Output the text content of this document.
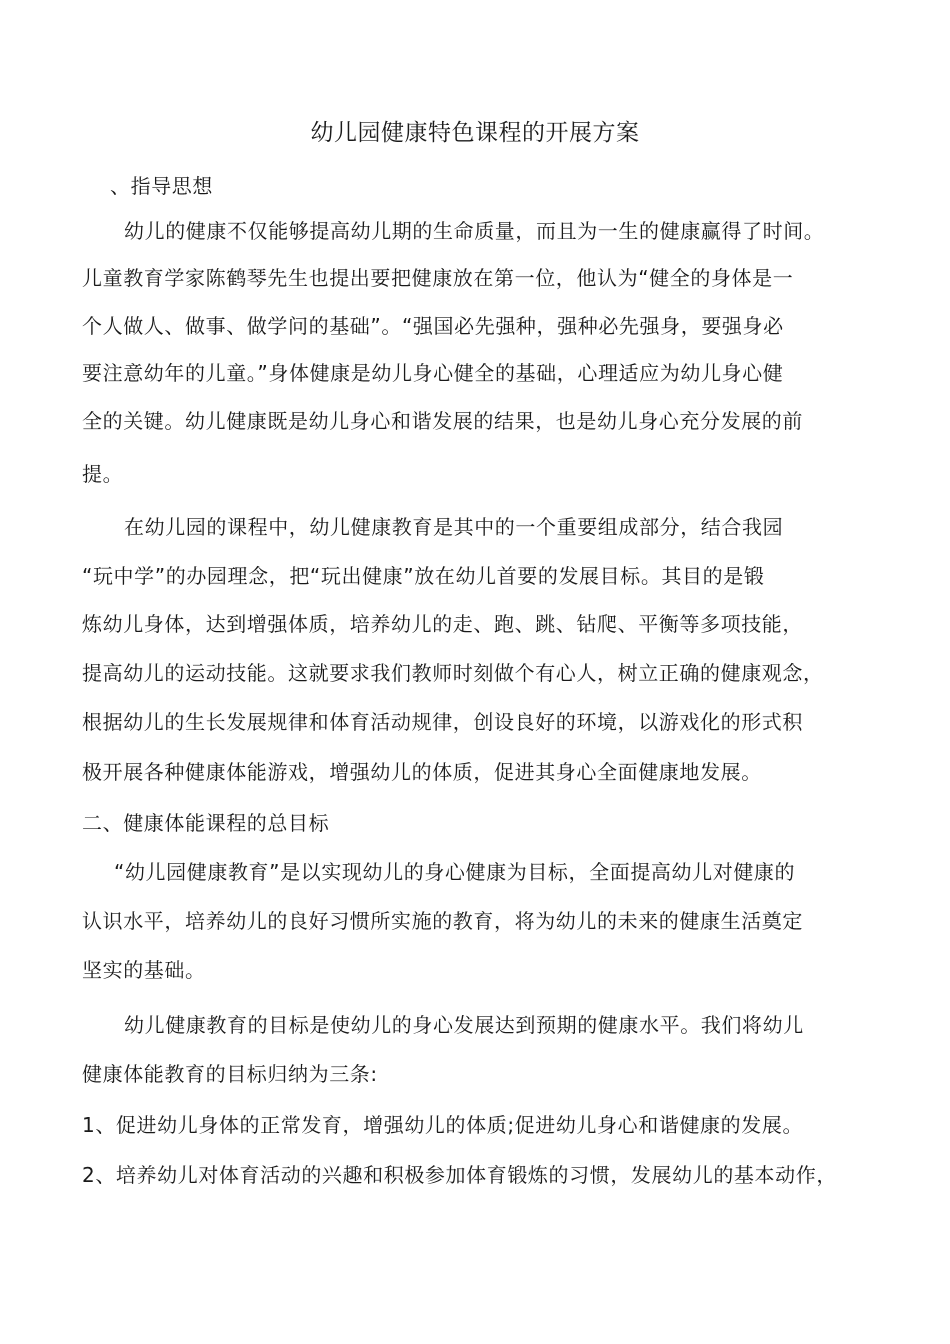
幼儿园健康特色课程的开展方案
、指导思想
幼儿的健康不仅能够提高幼儿期的生命质量，而且为一生的健康赢得了时间。
儿童教育学家陈鹤琴先生也提出要把健康放在第一位，他认为“健全的身体是一
个人做人、做事、做学问的基础”。“强国必先强种，强种必先强身，要强身必
要注意幼年的儿童。”身体健康是幼儿身心健全的基础，心理适应为幼儿身心健
全的关键。幼儿健康既是幼儿身心和谐发展的结果，也是幼儿身心充分发展的前
提。
在幼儿园的课程中，幼儿健康教育是其中的一个重要组成部分，结合我园
“玩中学”的办园理念，把“玩出健康”放在幼儿首要的发展目标。其目的是锻
炼幼儿身体，达到增强体质，培养幼儿的走、跑、跳、钻爬、平衡等多项技能，
提高幼儿的运动技能。这就要求我们教师时刻做个有心人，树立正确的健康观念，
根据幼儿的生长发展规律和体育活动规律，创设良好的环境，以游戏化的形式积
极开展各种健康体能游戏，增强幼儿的体质，促进其身心全面健康地发展。
二、健康体能课程的总目标
“幼儿园健康教育”是以实现幼儿的身心健康为目标，全面提高幼儿对健康的
认识水平，培养幼儿的良好习惯所实施的教育，将为幼儿的未来的健康生活奠定
坚实的基础。
幼儿健康教育的目标是使幼儿的身心发展达到预期的健康水平。我们将幼儿
健康体能教育的目标归纳为三条:
1、促进幼儿身体的正常发育，增强幼儿的体质;促进幼儿身心和谐健康的发展。
2、培养幼儿对体育活动的兴趣和积极参加体育锻炼的习惯，发展幼儿的基本动作，
